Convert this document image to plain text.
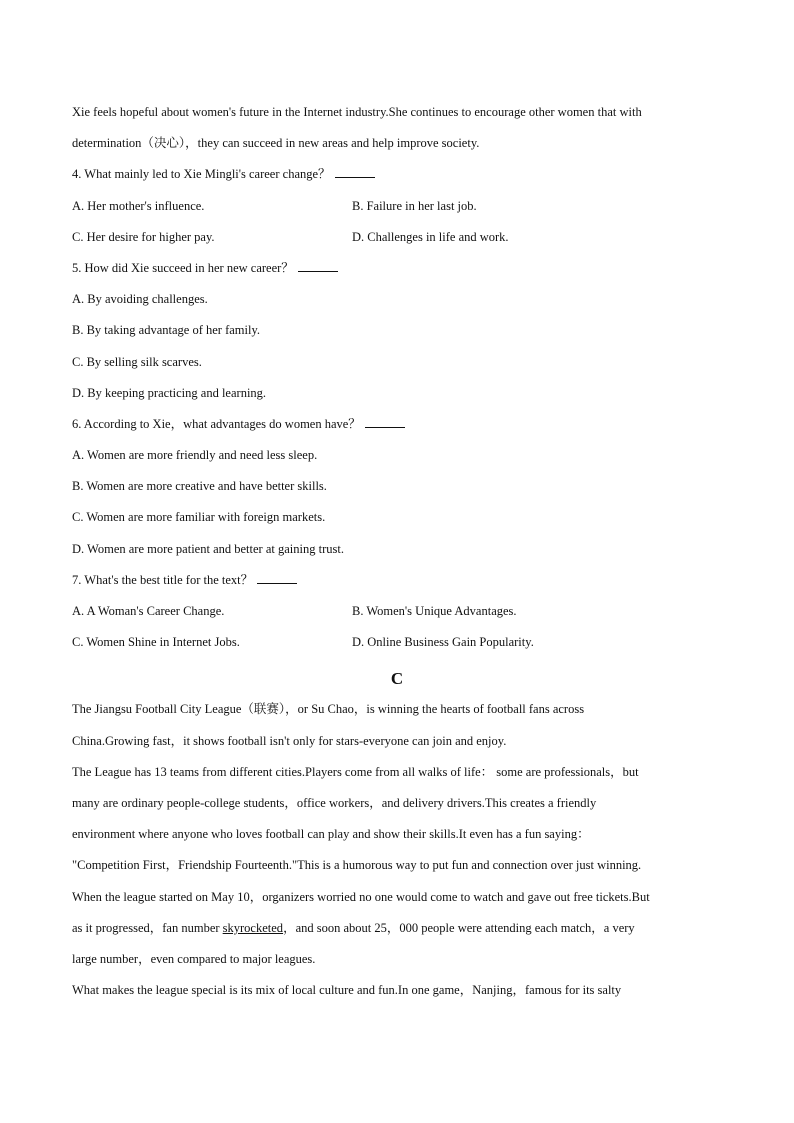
Xie feels hopeful about women's future in the Internet industry.She continues to encourage other women that with
determination（决心），they can succeed in new areas and help improve society.
4. What mainly led to Xie Mingli's career change？
A. Her mother's influence.	B. Failure in her last job.
C. Her desire for higher pay.	D. Challenges in life and work.
5. How did Xie succeed in her new career？
A. By avoiding challenges.
B. By taking advantage of her family.
C. By selling silk scarves.
D. By keeping practicing and learning.
6. According to Xie，what advantages do women have？
A. Women are more friendly and need less sleep.
B. Women are more creative and have better skills.
C. Women are more familiar with foreign markets.
D. Women are more patient and better at gaining trust.
7. What's the best title for the text？
A. A Woman's Career Change.	B. Women's Unique Advantages.
C. Women Shine in Internet Jobs.	D. Online Business Gain Popularity.
C
The Jiangsu Football City League（联赛），or Su Chao，is winning the hearts of football fans across
China.Growing fast，it shows football isn't only for stars-everyone can join and enjoy.
The League has 13 teams from different cities.Players come from all walks of life： some are professionals，but
many are ordinary people-college students，office workers，and delivery drivers.This creates a friendly
environment where anyone who loves football can play and show their skills.It even has a fun saying：
"Competition First，Friendship Fourteenth."This is a humorous way to put fun and connection over just winning.
When the league started on May 10，organizers worried no one would come to watch and gave out free tickets.But
as it progressed，fan number skyrocketed，and soon about 25，000 people were attending each match，a very
large number，even compared to major leagues.
What makes the league special is its mix of local culture and fun.In one game，Nanjing，famous for its salty
